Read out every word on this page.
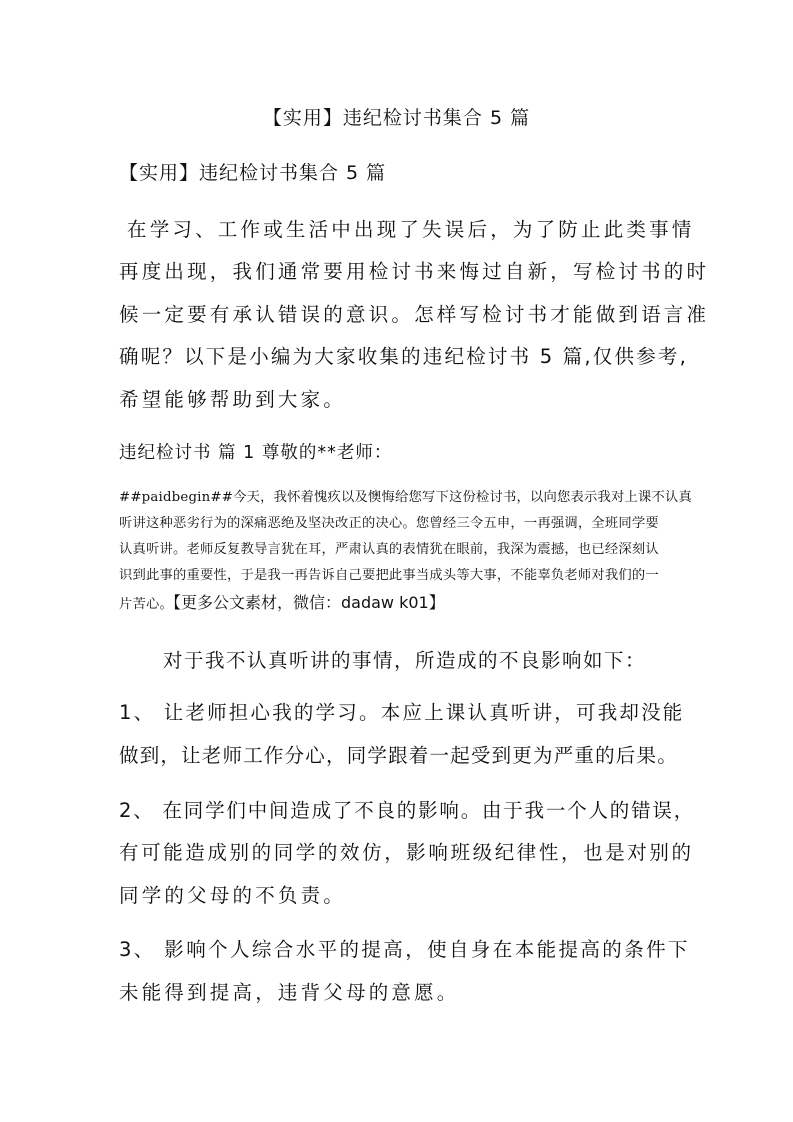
【实用】违纪检讨书集合 5 篇
【实用】违纪检讨书集合 5 篇
在学习、工作或生活中出现了失误后，为了防止此类事情
再度出现，我们通常要用检讨书来悔过自新，写检讨书的时
候一定要有承认错误的意识。怎样写检讨书才能做到语言准
确呢？以下是小编为大家收集的违纪检讨书 5 篇,仅供参考,
希望能够帮助到大家。
违纪检讨书 篇 1 尊敬的**老师：
##paidbegin##今天，我怀着愧疚以及懊悔给您写下这份检讨书，以向您表示我对上课不认真
听讲这种恶劣行为的深痛恶绝及坚决改正的决心。您曾经三令五申，一再强调，全班同学要
认真听讲。老师反复教导言犹在耳，严肃认真的表情犹在眼前，我深为震撼，也已经深刻认
识到此事的重要性，于是我一再告诉自己要把此事当成头等大事，不能辜负老师对我们的一
片苦心。【更多公文素材，微信：dadaw k01】
对于我不认真听讲的事情，所造成的不良影响如下：
1、 让老师担心我的学习。本应上课认真听讲，可我却没能
做到，让老师工作分心，同学跟着一起受到更为严重的后果。
2、 在同学们中间造成了不良的影响。由于我一个人的错误，
有可能造成别的同学的效仿，影响班级纪律性，也是对别的
同学的父母的不负责。
3、 影响个人综合水平的提高，使自身在本能提高的条件下
未能得到提高，违背父母的意愿。
